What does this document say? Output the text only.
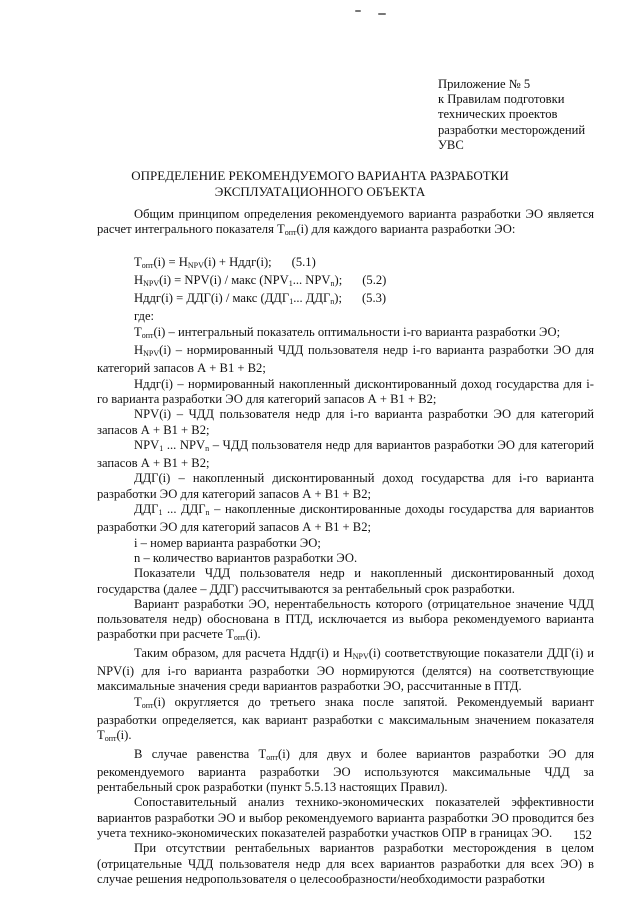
Приложение № 5
к Правилам подготовки
технических проектов
разработки месторождений
УВС
ОПРЕДЕЛЕНИЕ РЕКОМЕНДУЕМОГО ВАРИАНТА РАЗРАБОТКИ
ЭКСПЛУАТАЦИОННОГО ОБЪЕКТА

Общим принципом определения рекомендуемого варианта разработки ЭО является расчет интегрального показателя $Т_{опт}(i)$ для каждого варианта разработки ЭО:

$Т_{опт}(i) = Н_{NPV}(i)$ + Нддг(i); (5.1)

$Н_{NPV}(i) = NPV(i)$ / макс ($NPV_1$... $NPV_n$); (5.2)

Нддг(i) = ДДГ(i) / макс ($ДДГ_1$... $ДДГ_n$); (5.3)

где:

$Т_{опт}(i)$ – интегральный показатель оптимальности i-го варианта разработки ЭО;

$Н_{NPV}(i)$ – нормированный ЧДД пользователя недр i-го варианта разработки ЭО для категорий запасов А + В1 + В2;

Нддг(i) – нормированный накопленный дисконтированный доход государства для i-го варианта разработки ЭО для категорий запасов А + В1 + В2;

NPV(i) – ЧДД пользователя недр для i-го варианта разработки ЭО для категорий запасов А + В1 + В2;

$NPV_1$ ... $NPV_n$ – ЧДД пользователя недр для вариантов разработки ЭО для категорий запасов А + В1 + В2;

ДДГ(i) – накопленный дисконтированный доход государства для i-го варианта разработки ЭО для категорий запасов А + В1 + В2;

$ДДГ_1$ ... $ДДГ_n$ – накопленные дисконтированные доходы государства для вариантов разработки ЭО для категорий запасов А + В1 + В2;

i – номер варианта разработки ЭО;

n – количество вариантов разработки ЭО.

Показатели ЧДД пользователя недр и накопленный дисконтированный доход государства (далее – ДДГ) рассчитываются за рентабельный срок разработки.

Вариант разработки ЭО, нерентабельность которого (отрицательное значение ЧДД пользователя недр) обоснована в ПТД, исключается из выбора рекомендуемого варианта разработки при расчете $Т_{опт}(i)$.

Таким образом, для расчета Нддг(i) и $Н_{NPV}(i)$ соответствующие показатели ДДГ(i) и NPV(i) для i-го варианта разработки ЭО нормируются (делятся) на соответствующие максимальные значения среди вариантов разработки ЭО, рассчитанные в ПТД.

$Т_{опт}(i)$ округляется до третьего знака после запятой. Рекомендуемый вариант разработки определяется, как вариант разработки с максимальным значением показателя $Т_{опт}(i)$.

В случае равенства $Т_{опт}(i)$ для двух и более вариантов разработки ЭО для рекомендуемого варианта разработки ЭО используются максимальные ЧДД за рентабельный срок разработки (пункт 5.5.13 настоящих Правил).

Сопоставительный анализ технико-экономических показателей эффективности вариантов разработки ЭО и выбор рекомендуемого варианта разработки ЭО проводится без учета технико-экономических показателей разработки участков ОПР в границах ЭО.

При отсутствии рентабельных вариантов разработки месторождения в целом (отрицательные ЧДД пользователя недр для всех вариантов разработки для всех ЭО) в случае решения недропользователя о целесообразности/необходимости разработки

152
